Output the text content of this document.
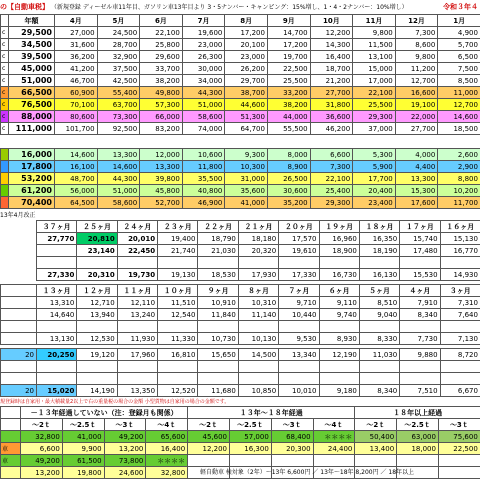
の【自動車税】 （新規登録 ディーゼル車11年目、ガソリン車13年目より 3・5ナンバー・キャンピング：15%増し、1・4・2ナンバー：10%増し）	令和３年４
	年額	4月	5月	6月	7月	8月	9月	10月	11月	12月	1月
c	29,500	27,000	24,500	22,100	19,600	17,200	14,700	12,200	9,800	7,300	4,900
c	34,500	31,600	28,700	25,800	23,000	20,100	17,200	14,300	11,500	8,600	5,700
c	39,500	36,200	32,900	29,600	26,300	23,000	19,700	16,400	13,100	9,800	6,500
c	45,000	41,200	37,500	33,700	30,000	26,200	22,500	18,700	15,000	11,200	7,500
c	51,000	46,700	42,500	38,200	34,000	29,700	25,500	21,200	17,000	12,700	8,500
c	66,500	60,900	55,400	49,800	44,300	38,700	33,200	27,700	22,100	16,600	11,000
c	76,500	70,100	63,700	57,300	51,000	44,600	38,200	31,800	25,500	19,100	12,700
c	88,000	80,600	73,300	66,000	58,600	51,300	44,000	36,600	29,300	22,000	14,600
c	111,000	101,700	92,500	83,200	74,000	64,700	55,500	46,200	37,000	27,700	18,500
	16,000	14,600	13,300	12,000	10,600	9,300	8,000	6,600	5,300	4,000	2,600
	17,800	16,100	14,600	13,300	11,800	10,300	8,900	7,300	5,900	4,400	2,900
	53,200	48,700	44,300	39,800	35,500	31,000	26,500	22,100	17,700	13,300	8,800
	61,200	56,000	51,000	45,800	40,800	35,600	30,600	25,400	20,400	15,300	10,200
	70,400	64,500	58,600	52,700	46,900	41,000	35,200	29,300	23,400	17,600	11,700
13年4月改正
３７ヶ月	２５ヶ月	２４ヶ月	２３ヶ月	２２ヶ月	２１ヶ月	２０ヶ月	１９ヶ月	１８ヶ月	１７ヶ月	１６ヶ月
27,770	20,810	20,010	19,400	18,790	18,180	17,570	16,960	16,350	15,740	15,130
	23,140	22,450	21,740	21,030	20,320	19,610	18,900	18,190	17,480	16,770

27,330	20,310	19,730	19,130	18,530	17,930	17,330	16,730	16,130	15,530	14,930
	１３ヶ月	１２ヶ月	１１ヶ月	１０ヶ月	９ヶ月	８ヶ月	７ヶ月	６ヶ月	５ヶ月	４ヶ月	３ヶ月
	13,310	12,710	12,110	11,510	10,910	10,310	9,710	9,110	8,510	7,910	7,310
	14,640	13,940	13,240	12,540	11,840	11,140	10,440	9,740	9,040	8,340	7,640

	13,130	12,530	11,930	11,330	10,730	10,130	9,530	8,930	8,330	7,730	7,130
20	20,250	19,120	17,960	16,810	15,650	14,500	13,340	12,190	11,030	9,880	8,720

20	15,020	14,190	13,350	12,520	11,680	10,850	10,010	9,180	8,340	7,510	6,670
規登録時は自家用・最大積載量2以上で右の重量税の場合の金額 小型貨物は自家用の場合の金額です。
	－１３年経過していない（注：登録月も関係）				１３年～１８年経過				１８年以上経過		
	～2ｔ	～2.5ｔ	～3ｔ	～4ｔ	～2ｔ	～2.5ｔ	～3ｔ	～4ｔ	～2ｔ	～2.5ｔ	～3ｔ
	32,800	41,000	49,200	65,600	45,600	57,000	68,400	＊＊＊＊	50,400	63,000	75,600
車	6,600	9,900	13,200	16,400	12,200	16,300	20,300	24,400	13,400	18,000	22,500
車	49,200	61,500	73,800	＊＊＊＊							
	13,200	19,800	24,600	32,800							軽自動車 検対象（2年）～13年 6,600円 ／ 13年～18年 8,200円 ／ 18年以上
